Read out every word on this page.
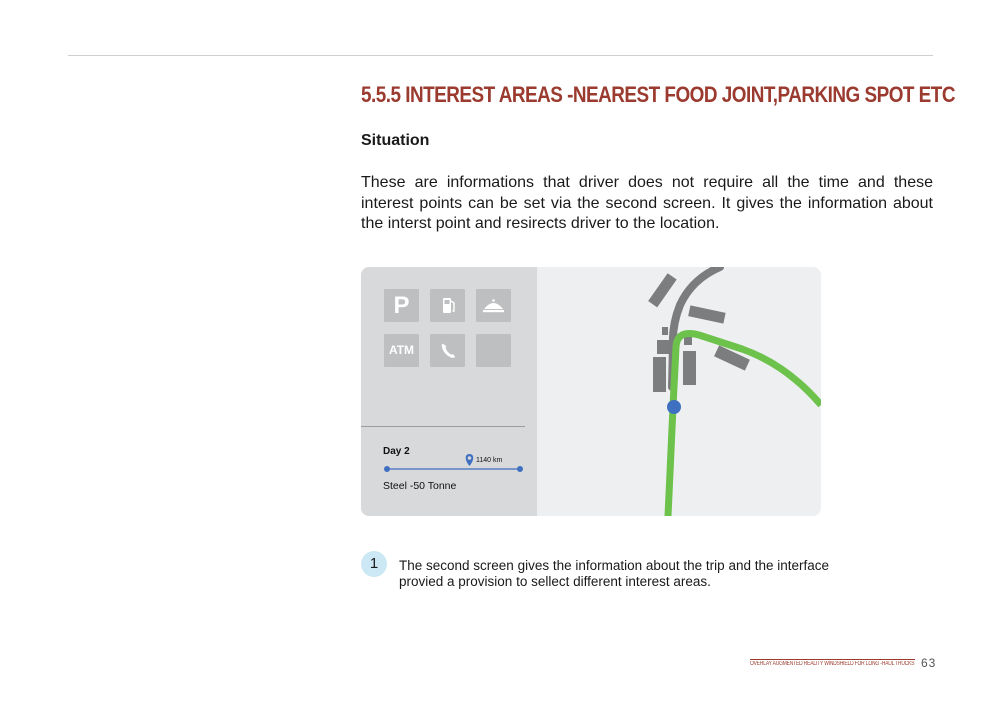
5.5.5 INTEREST AREAS -NEAREST FOOD JOINT,PARKING SPOT ETC
Situation
These are informations that driver does not require all the time and these interest points can be set via the second screen. It gives the information about the interst point and resirects driver to the location.
P
ATM
Day 2
1140 km
Steel -50 Tonne
1	The second screen gives the information about the trip and the interface provied a provision to sellect different interest areas.
OVERLAY AUGMENTED REALITY WINDSHIELD FOR LONG -HAUL TRUCKS 63
